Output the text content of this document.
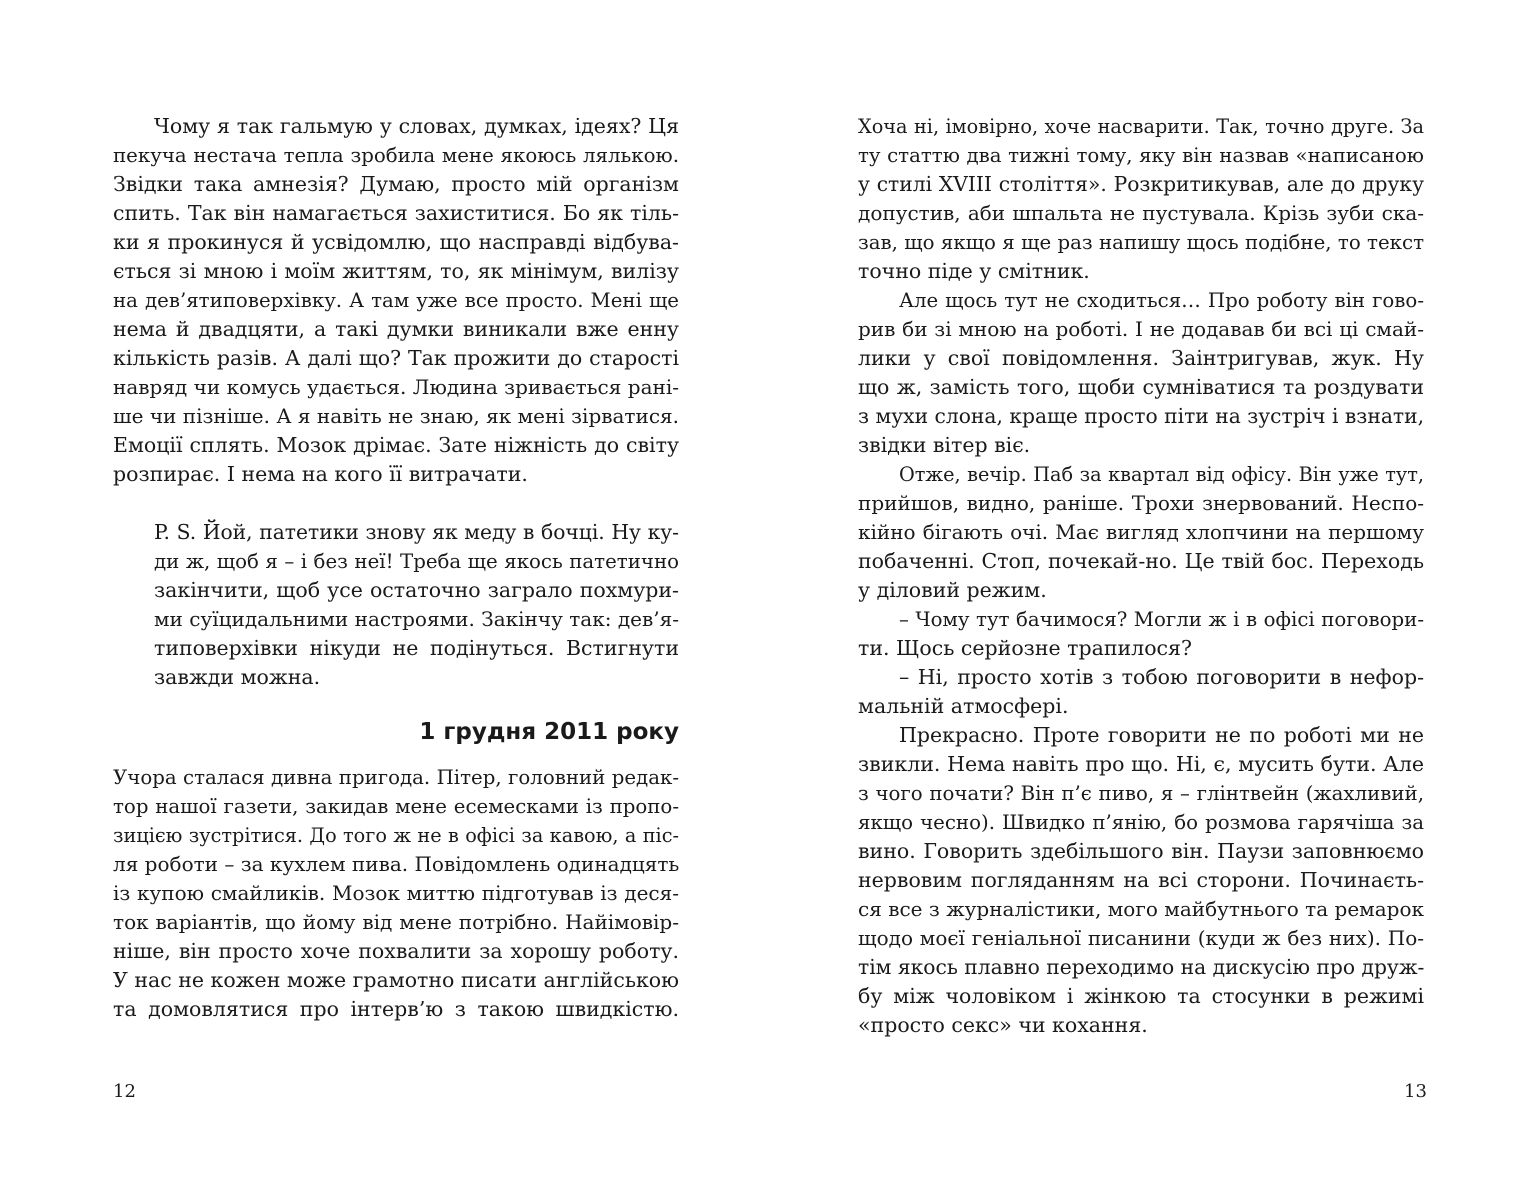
Чому я так гальмую у словах, думках, ідеях? Ця
пекуча нестача тепла зробила мене якоюсь лялькою.
Звідки така амнезія? Думаю, просто мій організм
спить. Так він намагається захиститися. Бо як тіль-
ки я прокинуся й усвідомлю, що насправді відбува-
ється зі мною і моїм життям, то, як мінімум, вилізу
на дев’ятиповерхівку. А там уже все просто. Мені ще
нема й двадцяти, а такі думки виникали вже енну
кількість разів. А далі що? Так прожити до старості
навряд чи комусь удається. Людина зривається рані-
ше чи пізніше. А я навіть не знаю, як мені зірватися.
Емоції сплять. Мозок дрімає. Зате ніжність до світу
розпирає. І нема на кого її витрачати.
P. S. Йой, патетики знову як меду в бочці. Ну ку-
ди ж, щоб я – і без неї! Треба ще якось патетично
закінчити, щоб усе остаточно заграло похмури-
ми суїцидальними настроями. Закінчу так: дев’я-
типоверхівки нікуди не подінуться. Встигнути
завжди можна.
1 грудня 2011 року
Учора сталася дивна пригода. Пітер, головний редак-
тор нашої газети, закидав мене есемесками із пропо-
зицією зустрітися. До того ж не в офісі за кавою, а піс-
ля роботи – за кухлем пива. Повідомлень одинадцять
із купою смайликів. Мозок миттю підготував із деся-
ток варіантів, що йому від мене потрібно. Найімовір-
ніше, він просто хоче похвалити за хорошу роботу.
У нас не кожен може грамотно писати англійською
та домовлятися про інтерв’ю з такою швидкістю.
12
Хоча ні, імовірно, хоче насварити. Так, точно друге. За
ту статтю два тижні тому, яку він назвав «написаною
у стилі XVIII століття». Розкритикував, але до друку
допустив, аби шпальта не пустувала. Крізь зуби ска-
зав, що якщо я ще раз напишу щось подібне, то текст
точно піде у смітник.
Але щось тут не сходиться… Про роботу він гово-
рив би зі мною на роботі. І не додавав би всі ці смай-
лики у свої повідомлення. Заінтригував, жук. Ну
що ж, замість того, щоби сумніватися та роздувати
з мухи слона, краще просто піти на зустріч і взнати,
звідки вітер віє.
Отже, вечір. Паб за квартал від офісу. Він уже тут,
прийшов, видно, раніше. Трохи знервований. Неспо-
кійно бігають очі. Має вигляд хлопчини на першому
побаченні. Стоп, почекай-но. Це твій бос. Переходь
у діловий режим.
– Чому тут бачимося? Могли ж і в офісі поговори-
ти. Щось серйозне трапилося?
– Ні, просто хотів з тобою поговорити в нефор-
мальній атмосфері.
Прекрасно. Проте говорити не по роботі ми не
звикли. Нема навіть про що. Ні, є, мусить бути. Але
з чого почати? Він п’є пиво, я – глінтвейн (жахливий,
якщо чесно). Швидко п’янію, бо розмова гарячіша за
вино. Говорить здебільшого він. Паузи заповнюємо
нервовим погляданням на всі сторони. Починаєть-
ся все з журналістики, мого майбутнього та ремарок
щодо моєї геніальної писанини (куди ж без них). По-
тім якось плавно переходимо на дискусію про друж-
бу між чоловіком і жінкою та стосунки в режимі
«просто секс» чи кохання.
13
